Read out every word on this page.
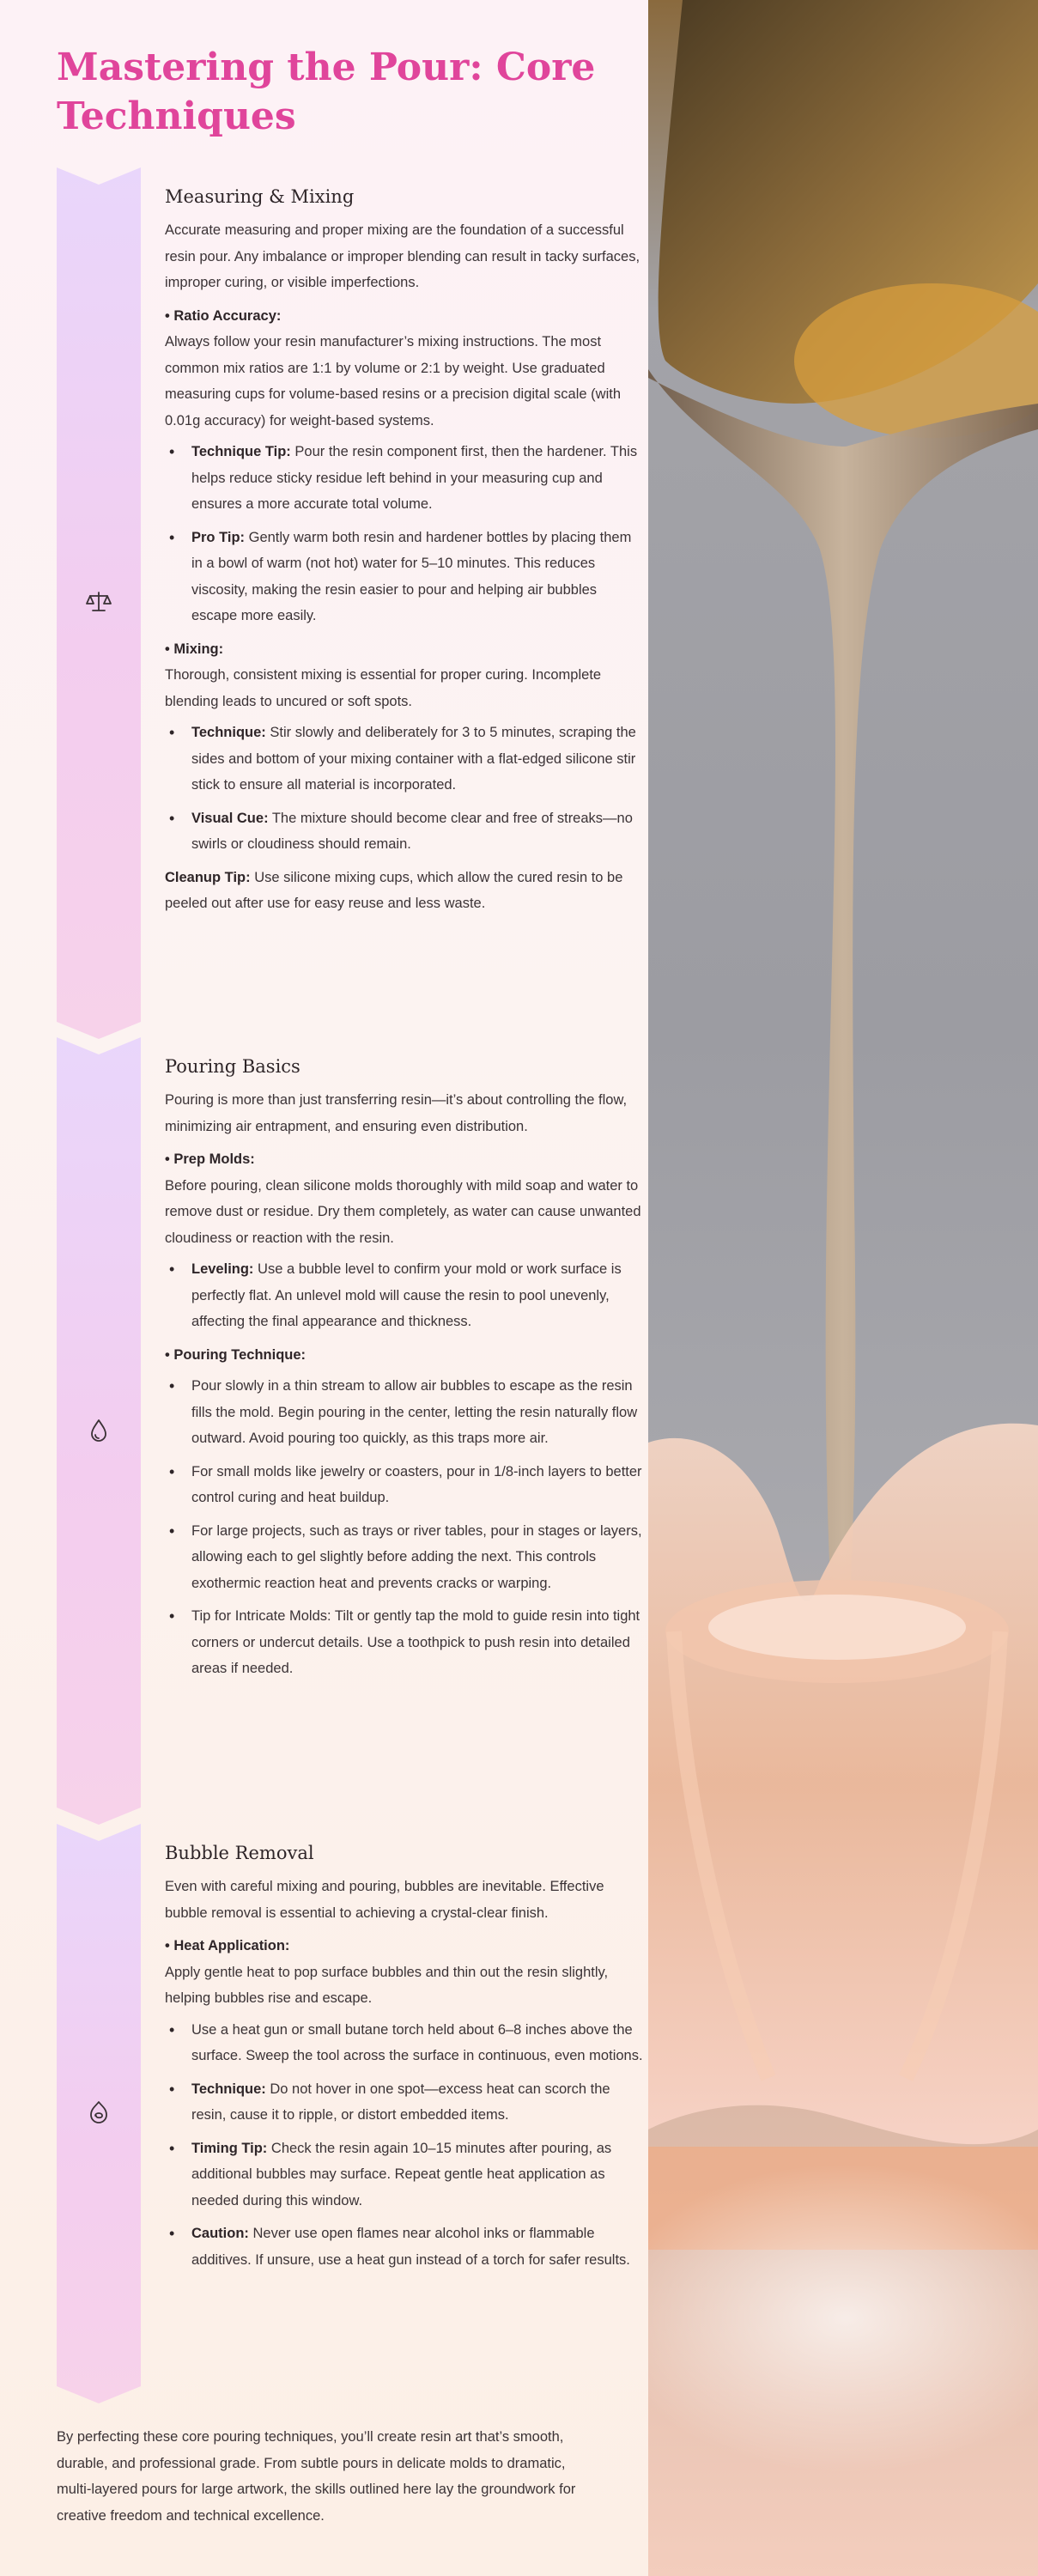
Mastering the Pour: Core Techniques
Measuring & Mixing

Accurate measuring and proper mixing are the foundation of a successful resin pour. Any imbalance or improper blending can result in tacky surfaces, improper curing, or visible imperfections.

• Ratio Accuracy:

Always follow your resin manufacturer’s mixing instructions. The most common mix ratios are 1:1 by volume or 2:1 by weight. Use graduated measuring cups for volume-based resins or a precision digital scale (with 0.01g accuracy) for weight-based systems.

• Technique Tip: Pour the resin component first, then the hardener. This helps reduce sticky residue left behind in your measuring cup and ensures a more accurate total volume.
• Pro Tip: Gently warm both resin and hardener bottles by placing them in a bowl of warm (not hot) water for 5–10 minutes. This reduces viscosity, making the resin easier to pour and helping air bubbles escape more easily.
• Mixing:

Thorough, consistent mixing is essential for proper curing. Incomplete blending leads to uncured or soft spots.

• Technique: Stir slowly and deliberately for 3 to 5 minutes, scraping the sides and bottom of your mixing container with a flat-edged silicone stir stick to ensure all material is incorporated.
• Visual Cue: The mixture should become clear and free of streaks—no swirls or cloudiness should remain.

Cleanup Tip: Use silicone mixing cups, which allow the cured resin to be peeled out after use for easy reuse and less waste.

Pouring Basics

Pouring is more than just transferring resin—it’s about controlling the flow, minimizing air entrapment, and ensuring even distribution.

• Prep Molds:

Before pouring, clean silicone molds thoroughly with mild soap and water to remove dust or residue. Dry them completely, as water can cause unwanted cloudiness or reaction with the resin.

• Leveling: Use a bubble level to confirm your mold or work surface is perfectly flat. An unlevel mold will cause the resin to pool unevenly, affecting the final appearance and thickness.
• Pouring Technique:
• Pour slowly in a thin stream to allow air bubbles to escape as the resin fills the mold. Begin pouring in the center, letting the resin naturally flow outward. Avoid pouring too quickly, as this traps more air.
• For small molds like jewelry or coasters, pour in 1/8-inch layers to better control curing and heat buildup.
• For large projects, such as trays or river tables, pour in stages or layers, allowing each to gel slightly before adding the next. This controls exothermic reaction heat and prevents cracks or warping.
• Tip for Intricate Molds: Tilt or gently tap the mold to guide resin into tight corners or undercut details. Use a toothpick to push resin into detailed areas if needed.
Bubble Removal

Even with careful mixing and pouring, bubbles are inevitable. Effective bubble removal is essential to achieving a crystal-clear finish.

• Heat Application:

Apply gentle heat to pop surface bubbles and thin out the resin slightly, helping bubbles rise and escape.

• Use a heat gun or small butane torch held about 6–8 inches above the surface. Sweep the tool across the surface in continuous, even motions.
• Technique: Do not hover in one spot—excess heat can scorch the resin, cause it to ripple, or distort embedded items.
• Timing Tip: Check the resin again 10–15 minutes after pouring, as additional bubbles may surface. Repeat gentle heat application as needed during this window.
• Caution: Never use open flames near alcohol inks or flammable additives. If unsure, use a heat gun instead of a torch for safer results.

By perfecting these core pouring techniques, you’ll create resin art that’s smooth, durable, and professional grade. From subtle pours in delicate molds to dramatic, multi-layered pours for large artwork, the skills outlined here lay the groundwork for creative freedom and technical excellence.
